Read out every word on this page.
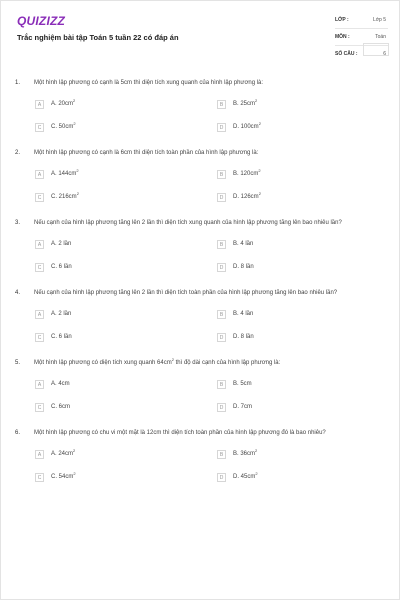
QUIZIZZ
Trắc nghiệm bài tập Toán 5 tuần 22 có đáp án
LỚP :	Lớp 5
MÔN :	Toán
SỐ CÂU :	6
1. Một hình lập phương có cạnh là 5cm thì diện tích xung quanh của hình lập phương là:
A	A. $20cm^2$
B	B. $25cm^2$
C	C. $50cm^2$
D	D. $100cm^2$
2. Một hình lập phương có cạnh là 6cm thì diện tích toàn phần của hình lập phương là:
A	A. $144cm^2$
B	B. $120cm^2$
C	C. $216cm^2$
D	D. $126cm^2$
3. Nếu cạnh của hình lập phương tăng lên 2 lần thì diện tích xung quanh của hình lập phương tăng lên bao nhiêu lần?
A	A. 2 lần	B	B. 4 lần
C	C. 6 lần	D	D. 8 lần
4. Nếu cạnh của hình lập phương tăng lên 2 lần thì diện tích toàn phần của hình lập phương tăng lên bao nhiêu lần?
A	A. 2 lần	B	B. 4 lần
C	C. 6 lần	D	D. 8 lần
5. Một hình lập phương có diện tích xung quanh $64cm^2$ thì độ dài cạnh của hình lập phương là:
A	A. 4cm	B	B. 5cm
C	C. 6cm	D	D. 7cm
6. Một hình lập phương có chu vi một mặt là 12cm thì diện tích toàn phần của hình lập phương đó là bao nhiêu?
A	A. $24cm^2$
B	B. $36cm^2$
C	C. $54cm^2$
D	D. $45cm^2$
